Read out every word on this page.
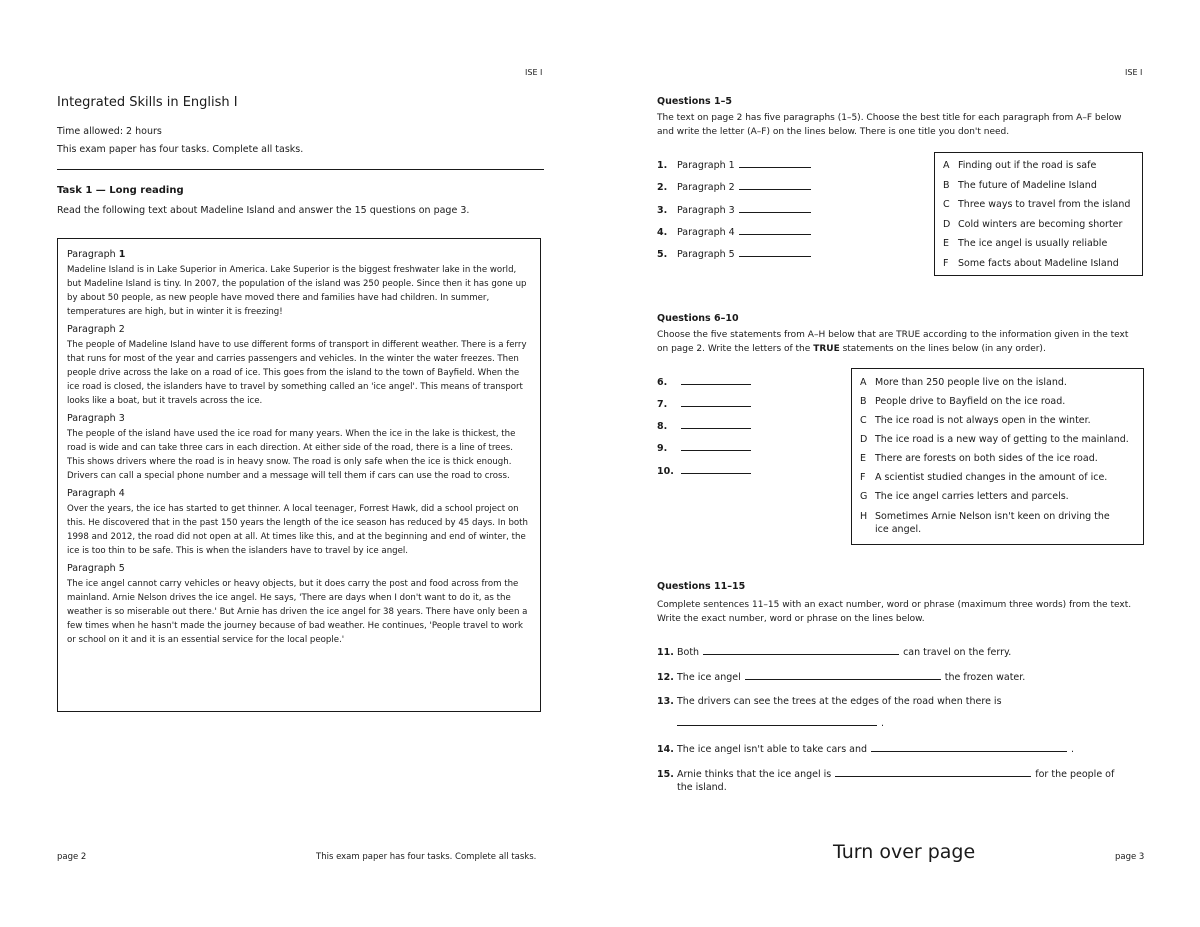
ISE I
Integrated Skills in English I
Time allowed: 2 hours
This exam paper has four tasks. Complete all tasks.
Task 1 — Long reading
Read the following text about Madeline Island and answer the 15 questions on page 3.
Paragraph 1

Madeline Island is in Lake Superior in America. Lake Superior is the biggest freshwater lake in the world, but Madeline Island is tiny. In 2007, the population of the island was 250 people. Since then it has gone up by about 50 people, as new people have moved there and families have had children. In summer, temperatures are high, but in winter it is freezing!

Paragraph 2

The people of Madeline Island have to use different forms of transport in different weather. There is a ferry that runs for most of the year and carries passengers and vehicles. In the winter the water freezes. Then people drive across the lake on a road of ice. This goes from the island to the town of Bayfield. When the ice road is closed, the islanders have to travel by something called an 'ice angel'. This means of transport looks like a boat, but it travels across the ice.

Paragraph 3

The people of the island have used the ice road for many years. When the ice in the lake is thickest, the road is wide and can take three cars in each direction. At either side of the road, there is a line of trees. This shows drivers where the road is in heavy snow. The road is only safe when the ice is thick enough. Drivers can call a special phone number and a message will tell them if cars can use the road to cross.

Paragraph 4

Over the years, the ice has started to get thinner. A local teenager, Forrest Hawk, did a school project on this. He discovered that in the past 150 years the length of the ice season has reduced by 45 days. In both 1998 and 2012, the road did not open at all. At times like this, and at the beginning and end of winter, the ice is too thin to be safe. This is when the islanders have to travel by ice angel.

Paragraph 5

The ice angel cannot carry vehicles or heavy objects, but it does carry the post and food across from the mainland. Arnie Nelson drives the ice angel. He says, 'There are days when I don't want to do it, as the weather is so miserable out there.' But Arnie has driven the ice angel for 38 years. There have only been a few times when he hasn't made the journey because of bad weather. He continues, 'People travel to work or school on it and it is an essential service for the local people.'

page 2	This exam paper has four tasks. Complete all tasks.
ISE I
Questions 1–5
The text on page 2 has five paragraphs (1–5). Choose the best title for each paragraph from A–F below and write the letter (A–F) on the lines below. There is one title you don't need.
1. Paragraph 1
2. Paragraph 2
3. Paragraph 3
4. Paragraph 4
5. Paragraph 5
A Finding out if the road is safe
B The future of Madeline Island
C Three ways to travel from the island
D Cold winters are becoming shorter
E The ice angel is usually reliable
F Some facts about Madeline Island
Questions 6–10
Choose the five statements from A–H below that are TRUE according to the information given in the text on page 2. Write the letters of the TRUE statements on the lines below (in any order).
6.
7.
8.
9.
10.
A More than 250 people live on the island.
B People drive to Bayfield on the ice road.
C The ice road is not always open in the winter.
D The ice road is a new way of getting to the mainland.
E There are forests on both sides of the ice road.
F A scientist studied changes in the amount of ice.
G The ice angel carries letters and parcels.
H Sometimes Arnie Nelson isn't keen on driving the ice angel.
Questions 11–15
Complete sentences 11–15 with an exact number, word or phrase (maximum three words) from the text. Write the exact number, word or phrase on the lines below.
11. Both	can travel on the ferry.
12. The ice angel	the frozen water.
13. The drivers can see the trees at the edges of the road when there is
.
14. The ice angel isn't able to take cars and	.
15. Arnie thinks that the ice angel is	for the people of
the island.
Turn over page	page 3
